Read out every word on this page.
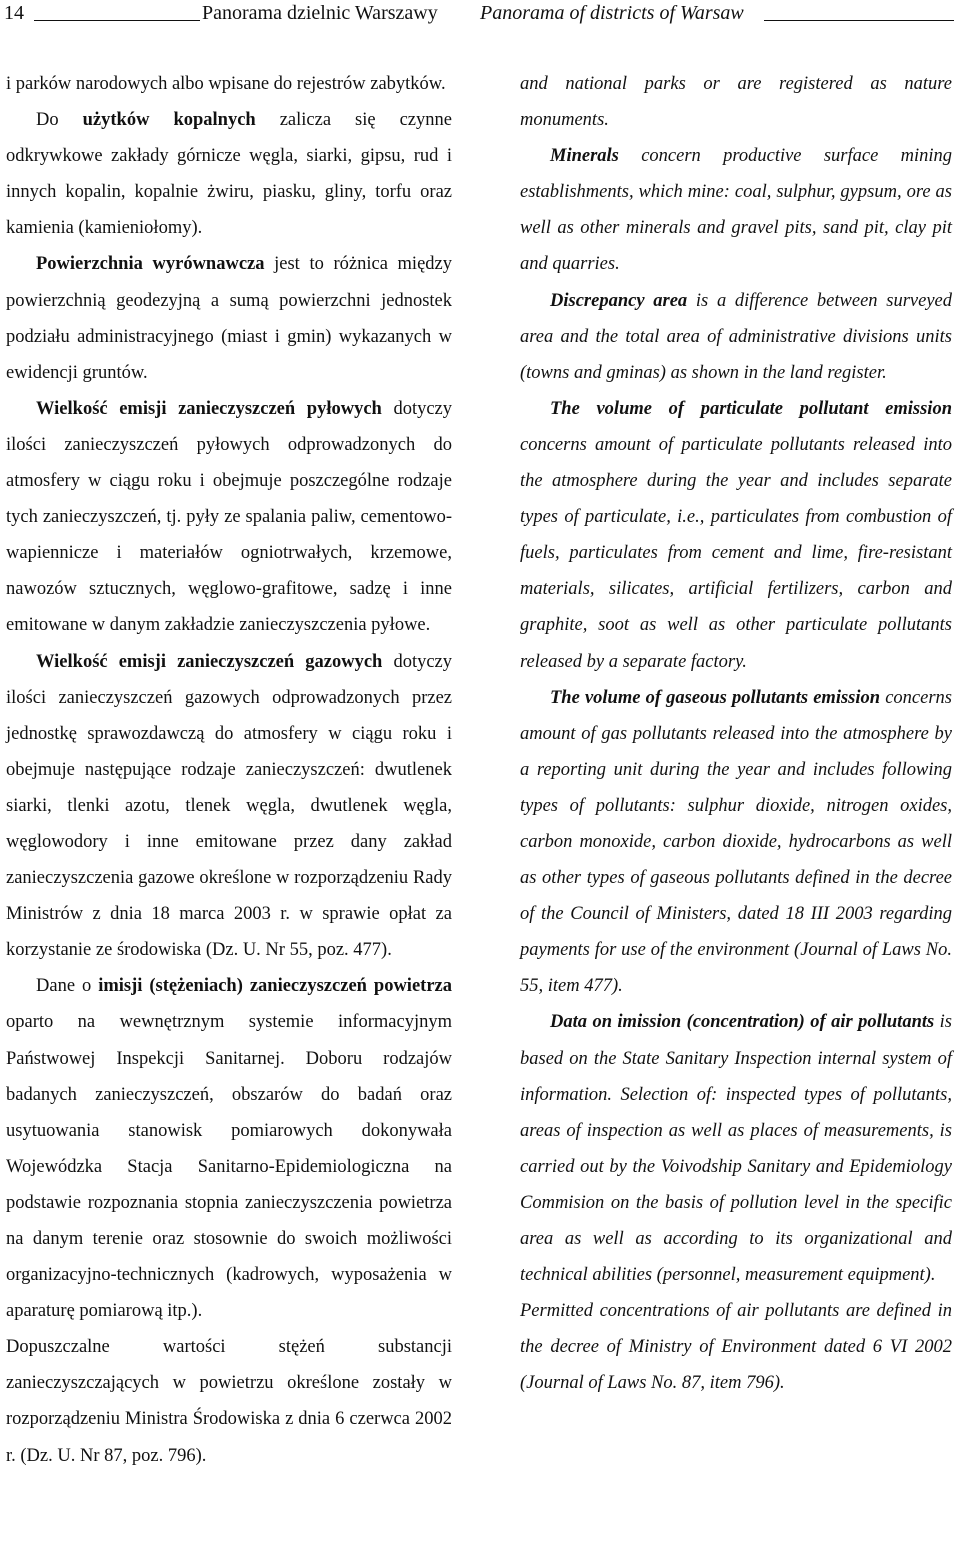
14	Panorama dzielnic Warszawy Panorama of districts of Warsaw

i parków narodowych albo wpisane do rejestrów zabytków.

Do użytków kopalnych zalicza się czynne odkrywkowe zakłady górnicze węgla, siarki, gipsu, rud i innych kopalin, kopalnie żwiru, piasku, gliny, torfu oraz kamienia (kamieniołomy).

Powierzchnia wyrównawcza jest to różnica między powierzchnią geodezyjną a sumą powierzchni jednostek podziału administracyjnego (miast i gmin) wykazanych w ewidencji gruntów.

Wielkość emisji zanieczyszczeń pyłowych dotyczy ilości zanieczyszczeń pyłowych odprowadzonych do atmosfery w ciągu roku i obejmuje poszczególne rodzaje tych zanieczyszczeń, tj. pyły ze spalania paliw, cementowo-wapiennicze i materiałów ogniotrwałych, krzemowe, nawozów sztucznych, węglowo-grafitowe, sadzę i inne emitowane w danym zakładzie zanieczyszczenia pyłowe.

Wielkość emisji zanieczyszczeń gazowych dotyczy ilości zanieczyszczeń gazowych odprowadzonych przez jednostkę sprawozdawczą do atmosfery w ciągu roku i obejmuje następujące rodzaje zanieczyszczeń: dwutlenek siarki, tlenki azotu, tlenek węgla, dwutlenek węgla, węglowodory i inne emitowane przez dany zakład zanieczyszczenia gazowe określone w rozporządzeniu Rady Ministrów z dnia 18 marca 2003 r. w sprawie opłat za korzystanie ze środowiska (Dz. U. Nr 55, poz. 477).

Dane o imisji (stężeniach) zanieczyszczeń powietrza oparto na wewnętrznym systemie informacyjnym Państwowej Inspekcji Sanitarnej. Doboru rodzajów badanych zanieczyszczeń, obszarów do badań oraz usytuowania stanowisk pomiarowych dokonywała Wojewódzka Stacja Sanitarno-Epidemiologiczna na podstawie rozpoznania stopnia zanieczyszczenia powietrza na danym terenie oraz stosownie do swoich możliwości organizacyjno-technicznych (kadrowych, wyposażenia w aparaturę pomiarową itp.).

Dopuszczalne wartości stężeń substancji zanieczyszczających w powietrzu określone zostały w rozporządzeniu Ministra Środowiska z dnia 6 czerwca 2002 r. (Dz. U. Nr 87, poz. 796).

and national parks or are registered as nature monuments.

Minerals concern productive surface mining establishments, which mine: coal, sulphur, gypsum, ore as well as other minerals and gravel pits, sand pit, clay pit and quarries.

Discrepancy area is a difference between surveyed area and the total area of administrative divisions units (towns and gminas) as shown in the land register.

The volume of particulate pollutant emission concerns amount of particulate pollutants released into the atmosphere during the year and includes separate types of particulate, i.e., particulates from combustion of fuels, particulates from cement and lime, fire-resistant materials, silicates, artificial fertilizers, carbon and graphite, soot as well as other particulate pollutants released by a separate factory.

The volume of gaseous pollutants emission concerns amount of gas pollutants released into the atmosphere by a reporting unit during the year and includes following types of pollutants: sulphur dioxide, nitrogen oxides, carbon monoxide, carbon dioxide, hydrocarbons as well as other types of gaseous pollutants defined in the decree of the Council of Ministers, dated 18 III 2003 regarding payments for use of the environment (Journal of Laws No. 55, item 477).

Data on imission (concentration) of air pollutants is based on the State Sanitary Inspection internal system of information. Selection of: inspected types of pollutants, areas of inspection as well as places of measurements, is carried out by the Voivodship Sanitary and Epidemiology Commision on the basis of pollution level in the specific area as well as according to its organizational and technical abilities (personnel, measurement equipment).

Permitted concentrations of air pollutants are defined in the decree of Ministry of Environment dated 6 VI 2002 (Journal of Laws No. 87, item 796).
